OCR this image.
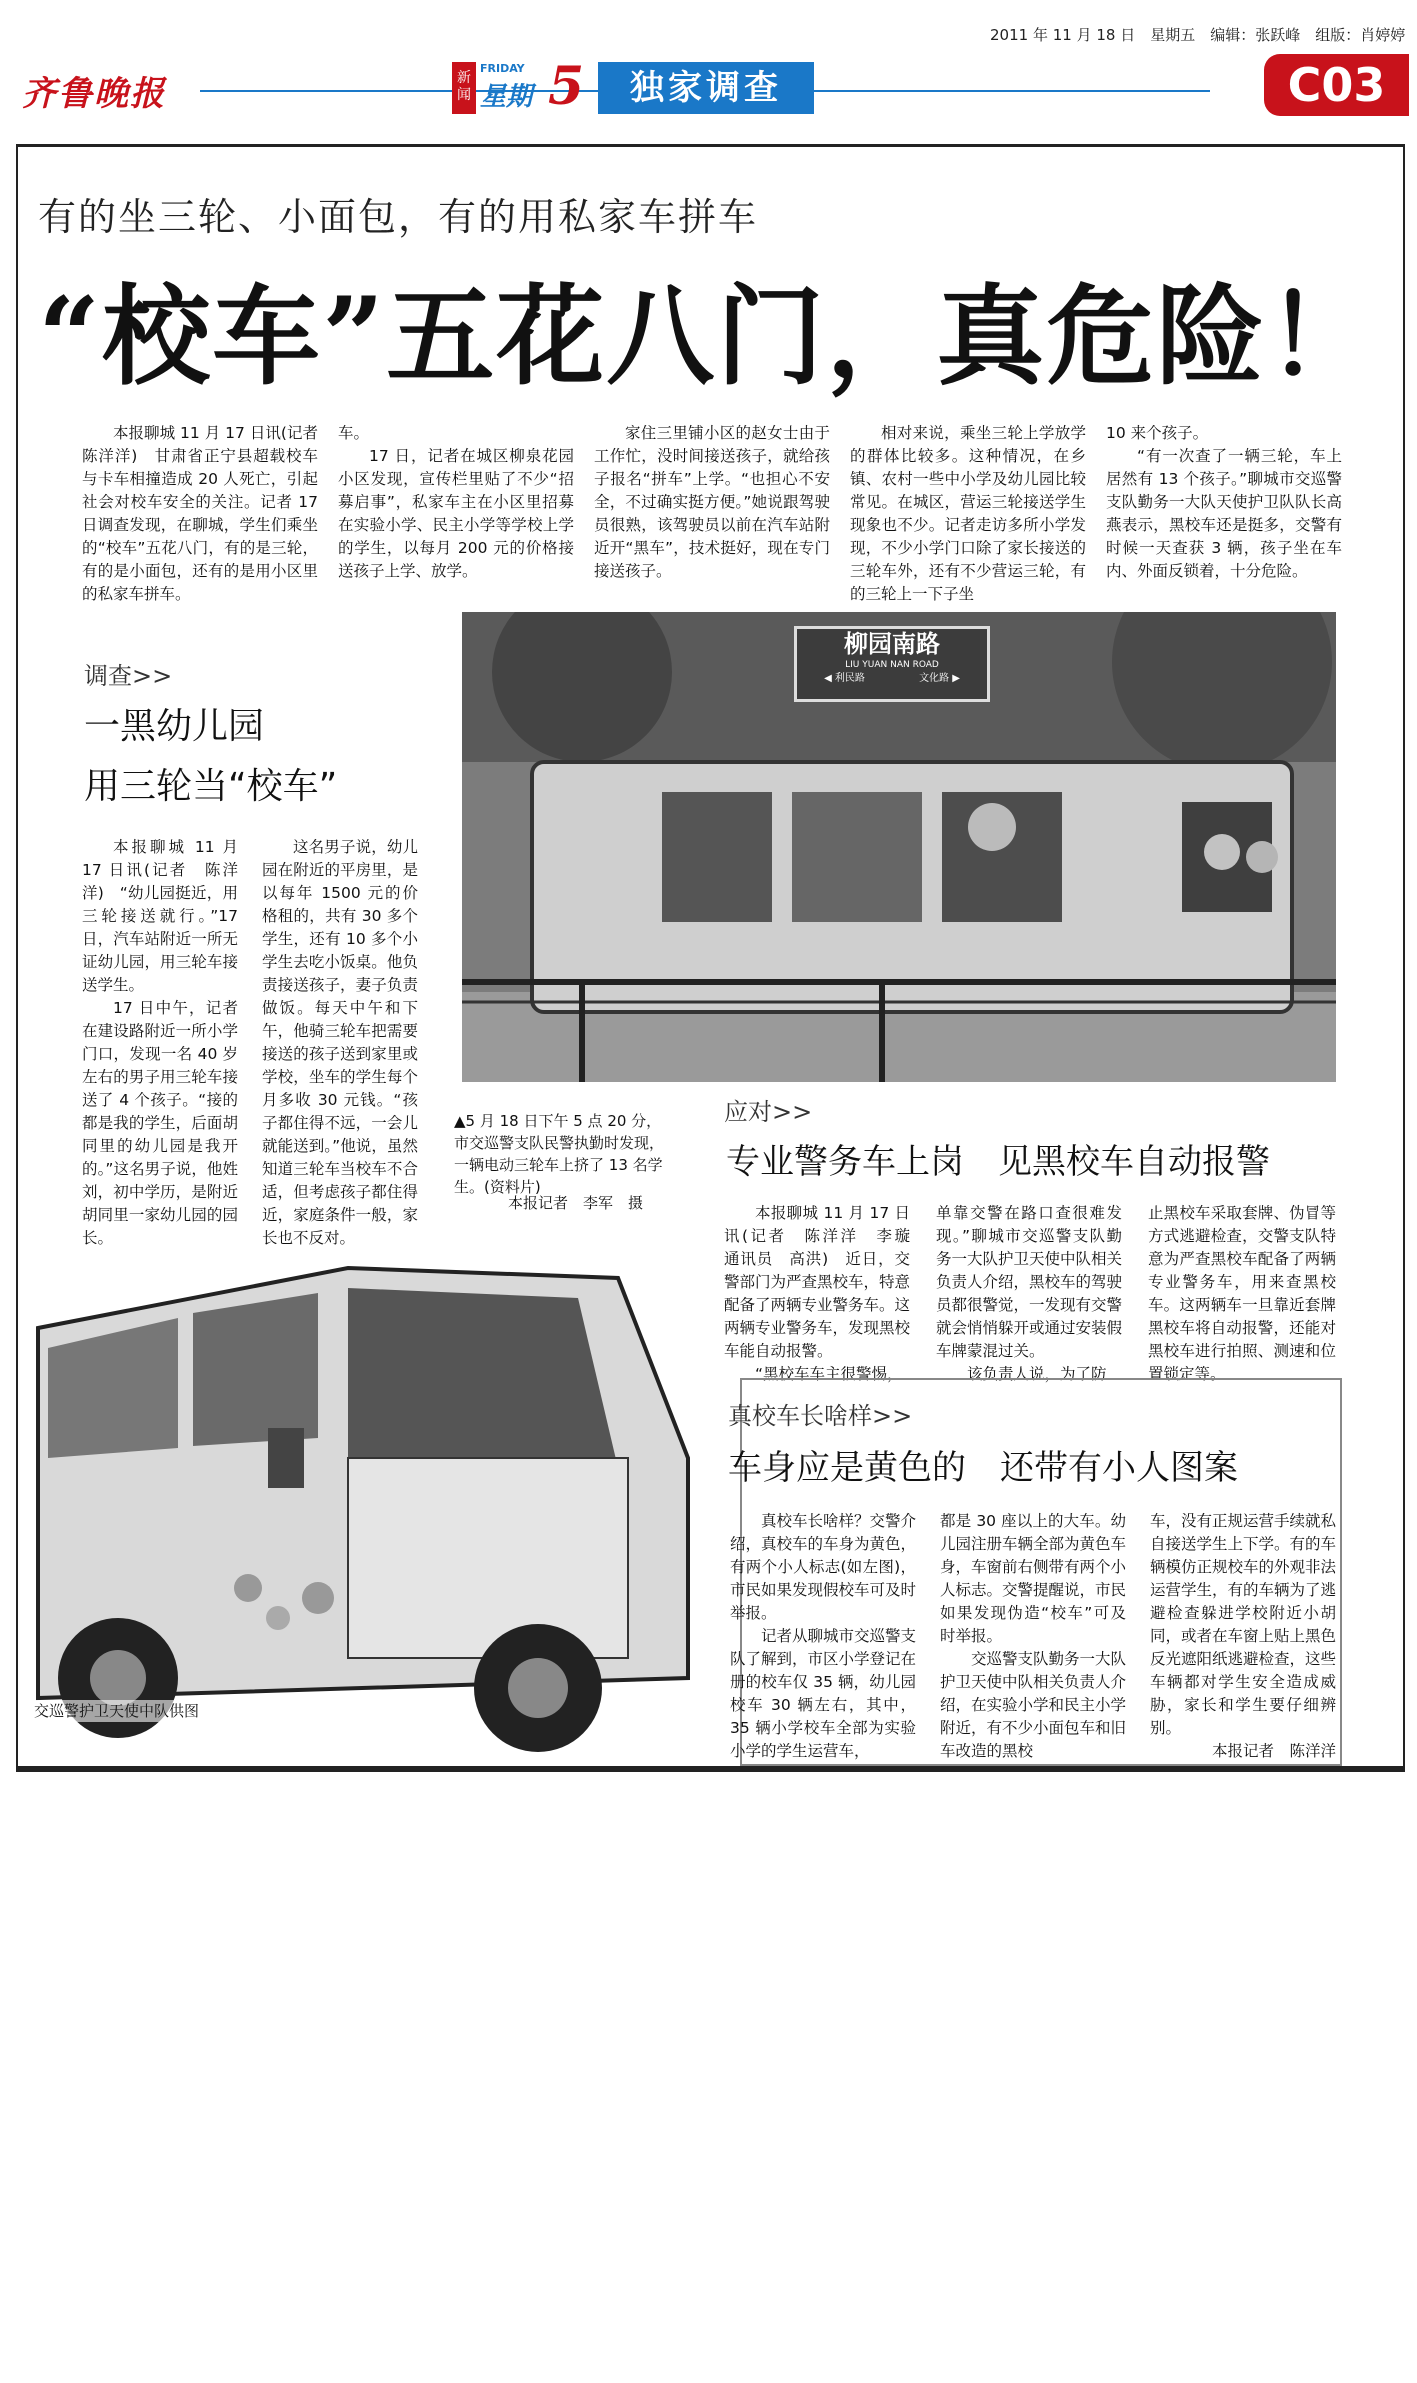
2011 年 11 月 18 日　星期五　编辑：张跃峰　组版：肖婷婷
齐鲁晚报	新闻
FRIDAY
星期 5	独家调查	C03
有的坐三轮、小面包，有的用私家车拼车
“校车”五花八门，真危险！

本报聊城 11 月 17 日讯(记者　陈洋洋)　甘肃省正宁县超载校车与卡车相撞造成 20 人死亡，引起社会对校车安全的关注。记者 17 日调查发现，在聊城，学生们乘坐的“校车”五花八门，有的是三轮，有的是小面包，还有的是用小区里的私家车拼车。

车。

17 日，记者在城区柳泉花园小区发现，宣传栏里贴了不少“招募启事”，私家车主在小区里招募在实验小学、民主小学等学校上学的学生，以每月 200 元的价格接送孩子上学、放学。

家住三里铺小区的赵女士由于工作忙，没时间接送孩子，就给孩子报名“拼车”上学。“也担心不安全，不过确实挺方便。”她说跟驾驶员很熟，该驾驶员以前在汽车站附近开“黑车”，技术挺好，现在专门接送孩子。

相对来说，乘坐三轮上学放学的群体比较多。这种情况，在乡镇、农村一些中小学及幼儿园比较常见。在城区，营运三轮接送学生现象也不少。记者走访多所小学发现，不少小学门口除了家长接送的三轮车外，还有不少营运三轮，有的三轮上一下子坐

10 来个孩子。

“有一次查了一辆三轮，车上居然有 13 个孩子。”聊城市交巡警支队勤务一大队天使护卫队队长高燕表示，黑校车还是挺多，交警有时候一天查获 3 辆，孩子坐在车内、外面反锁着，十分危险。

调查>>
一黑幼儿园
用三轮当“校车”

本报聊城 11 月 17 日讯(记者　陈洋洋)　“幼儿园挺近，用三轮接送就行。”17 日，汽车站附近一所无证幼儿园，用三轮车接送学生。

17 日中午，记者在建设路附近一所小学门口，发现一名 40 岁左右的男子用三轮车接送了 4 个孩子。“接的都是我的学生，后面胡同里的幼儿园是我开的。”这名男子说，他姓刘，初中学历，是附近胡同里一家幼儿园的园长。

这名男子说，幼儿园在附近的平房里，是以每年 1500 元的价格租的，共有 30 多个学生，还有 10 多个小学生去吃小饭桌。他负责接送孩子，妻子负责做饭。每天中午和下午，他骑三轮车把需要接送的孩子送到家里或学校，坐车的学生每个月多收 30 元钱。“孩子都住得不远，一会儿就能送到。”他说，虽然知道三轮车当校车不合适，但考虑孩子都住得近，家庭条件一般，家长也不反对。

柳园南路
LIU YUAN NAN ROAD
◀ 利民路	文化路 ▶
▲5 月 18 日下午 5 点 20 分，市交巡警支队民警执勤时发现，一辆电动三轮车上挤了 13 名学生。(资料片)
本报记者　李军　摄
应对>>
专业警务车上岗　见黑校车自动报警

本报聊城 11 月 17 日讯(记者　陈洋洋　李璇　通讯员　高洪)　近日，交警部门为严查黑校车，特意配备了两辆专业警务车。这两辆专业警务车，发现黑校车能自动报警。

“黑校车车主很警惕，

单靠交警在路口查很难发现。”聊城市交巡警支队勤务一大队护卫天使中队相关负责人介绍，黑校车的驾驶员都很警觉，一发现有交警就会悄悄躲开或通过安装假车牌蒙混过关。

该负责人说，为了防

止黑校车采取套牌、伪冒等方式逃避检查，交警支队特意为严查黑校车配备了两辆专业警务车，用来查黑校车。这两辆车一旦靠近套牌黑校车将自动报警，还能对黑校车进行拍照、测速和位置锁定等。

交巡警护卫天使中队供图
真校车长啥样>>
车身应是黄色的　还带有小人图案

真校车长啥样？交警介绍，真校车的车身为黄色，有两个小人标志(如左图)，市民如果发现假校车可及时举报。

记者从聊城市交巡警支队了解到，市区小学登记在册的校车仅 35 辆，幼儿园校车 30 辆左右，其中，35 辆小学校车全部为实验小学的学生运营车，

都是 30 座以上的大车。幼儿园注册车辆全部为黄色车身，车窗前右侧带有两个小人标志。交警提醒说，市民如果发现伪造“校车”可及时举报。

交巡警支队勤务一大队护卫天使中队相关负责人介绍，在实验小学和民主小学附近，有不少小面包车和旧车改造的黑校

车，没有正规运营手续就私自接送学生上下学。有的车辆模仿正规校车的外观非法运营学生，有的车辆为了逃避检查躲进学校附近小胡同，或者在车窗上贴上黑色反光遮阳纸逃避检查，这些车辆都对学生安全造成威胁，家长和学生要仔细辨别。

本报记者　陈洋洋
